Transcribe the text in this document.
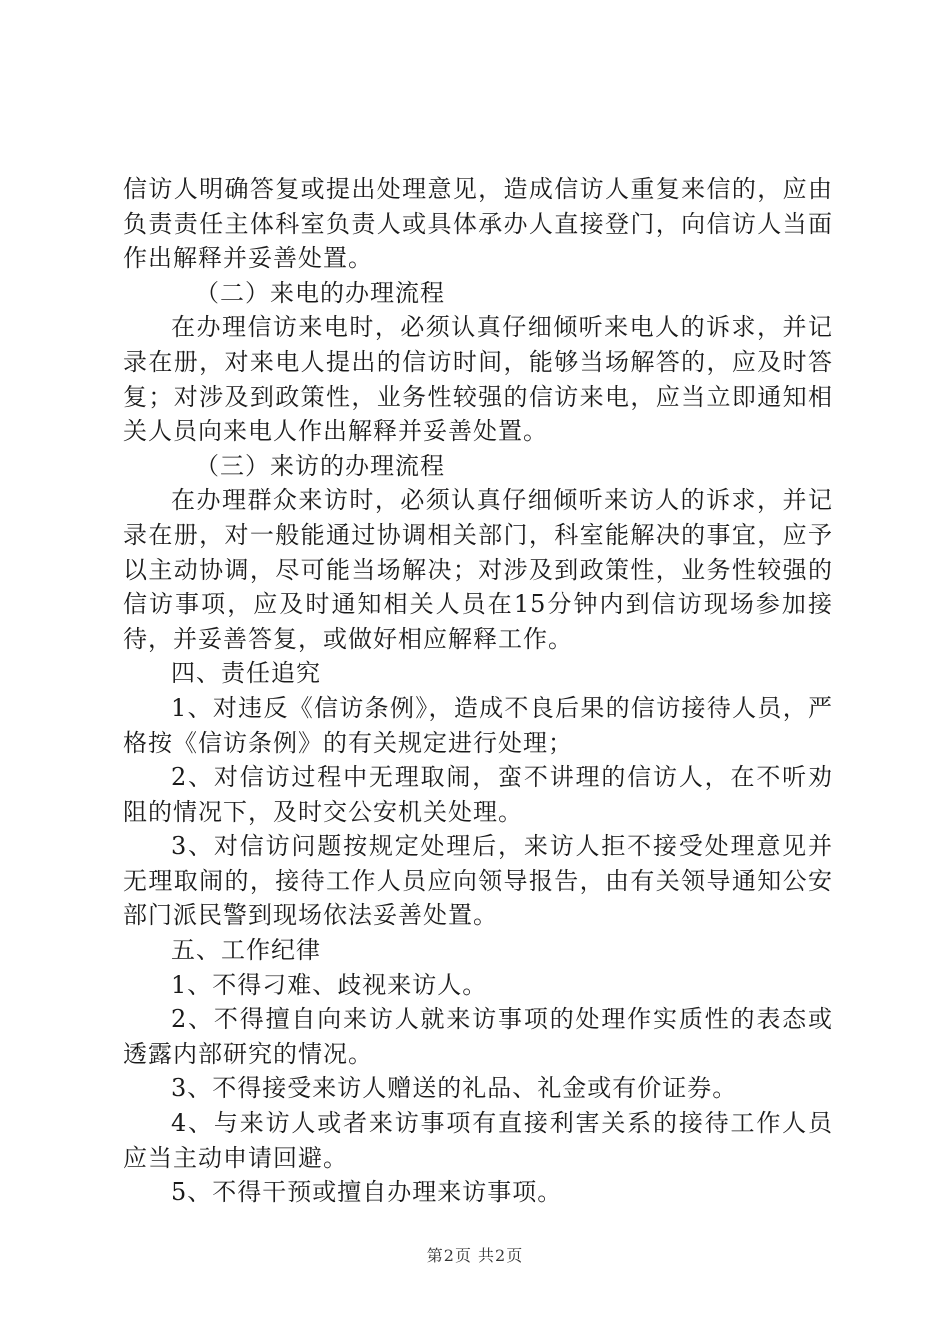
信访人明确答复或提出处理意见，造成信访人重复来信的，应由负责责任主体科室负责人或具体承办人直接登门，向信访人当面作出解释并妥善处置。

（二）来电的办理流程

在办理信访来电时，必须认真仔细倾听来电人的诉求，并记录在册，对来电人提出的信访时间，能够当场解答的，应及时答复；对涉及到政策性，业务性较强的信访来电，应当立即通知相关人员向来电人作出解释并妥善处置。

（三）来访的办理流程

在办理群众来访时，必须认真仔细倾听来访人的诉求，并记录在册，对一般能通过协调相关部门，科室能解决的事宜，应予以主动协调，尽可能当场解决；对涉及到政策性，业务性较强的信访事项，应及时通知相关人员在15分钟内到信访现场参加接待，并妥善答复，或做好相应解释工作。

四、责任追究

1、对违反《信访条例》，造成不良后果的信访接待人员，严格按《信访条例》的有关规定进行处理；

2、对信访过程中无理取闹，蛮不讲理的信访人，在不听劝阻的情况下，及时交公安机关处理。

3、对信访问题按规定处理后，来访人拒不接受处理意见并无理取闹的，接待工作人员应向领导报告，由有关领导通知公安部门派民警到现场依法妥善处置。

五、工作纪律

1、不得刁难、歧视来访人。

2、不得擅自向来访人就来访事项的处理作实质性的表态或透露内部研究的情况。

3、不得接受来访人赠送的礼品、礼金或有价证券。

4、与来访人或者来访事项有直接利害关系的接待工作人员应当主动申请回避。

5、不得干预或擅自办理来访事项。

第2页 共2页
